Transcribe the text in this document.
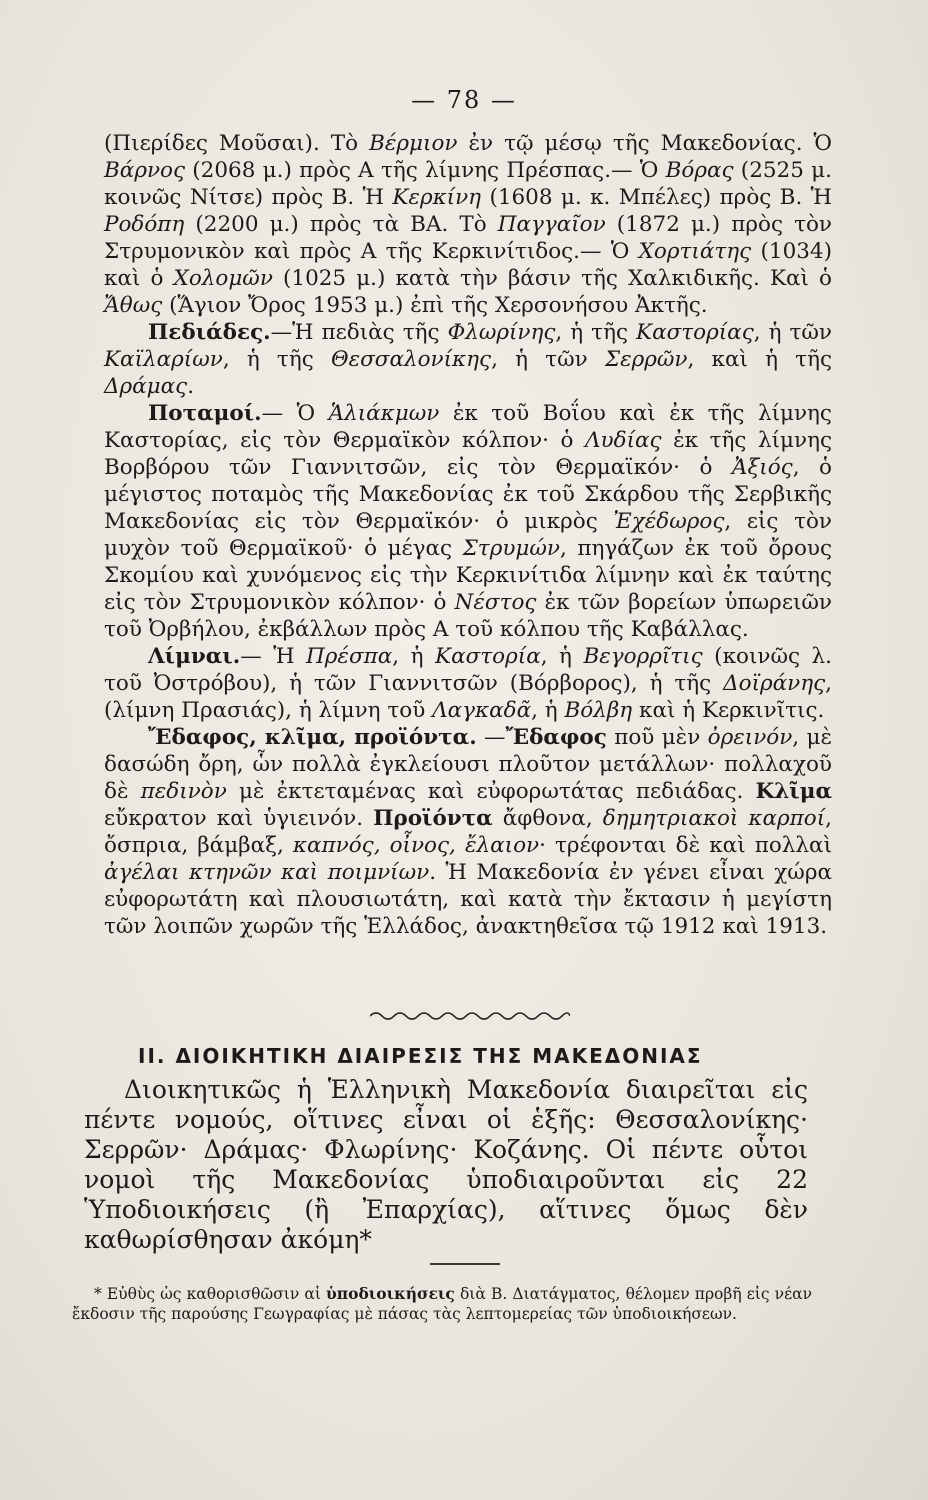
— 78 —

(Πιερίδες Μοῦσαι). Τὸ Βέρμιον ἐν τῷ μέσῳ τῆς Μακεδονίας. Ὁ Βάρνος (2068 μ.) πρὸς Α τῆς λίμνης Πρέσπας.— Ὁ Βόρας (2525 μ. κοινῶς Νίτσε) πρὸς Β. Ἡ Κερκίνη (1608 μ. κ. Μπέλες) πρὸς Β. Ἡ Ροδόπη (2200 μ.) πρὸς τὰ ΒΑ. Τὸ Παγγαῖον (1872 μ.) πρὸς τὸν Στρυμονικὸν καὶ πρὸς Α τῆς Κερκινίτιδος.— Ὁ Χορτιάτης (1034) καὶ ὁ Χολομῶν (1025 μ.) κατὰ τὴν βάσιν τῆς Χαλκιδικῆς. Καὶ ὁ Ἄθως (Ἅγιον Ὄρος 1953 μ.) ἐπὶ τῆς Χερσονήσου Ἀκτῆς.

Πεδιάδες.—Ἡ πεδιὰς τῆς Φλωρίνης, ἡ τῆς Καστορίας, ἡ τῶν Καϊλαρίων, ἡ τῆς Θεσσαλονίκης, ἡ τῶν Σερρῶν, καὶ ἡ τῆς Δράμας.

Ποταμοί.— Ὁ Ἁλιάκμων ἐκ τοῦ Βοΐου καὶ ἐκ τῆς λίμνης Καστορίας, εἰς τὸν Θερμαϊκὸν κόλπον· ὁ Λυδίας ἐκ τῆς λίμνης Βορβόρου τῶν Γιαννιτσῶν, εἰς τὸν Θερμαϊκόν· ὁ Ἀξιός, ὁ μέγιστος ποταμὸς τῆς Μακεδονίας ἐκ τοῦ Σκάρδου τῆς Σερβικῆς Μακεδονίας εἰς τὸν Θερμαϊκόν· ὁ μικρὸς Ἐχέδωρος, εἰς τὸν μυχὸν τοῦ Θερμαϊκοῦ· ὁ μέγας Στρυμών, πηγάζων ἐκ τοῦ ὄρους Σκομίου καὶ χυνόμενος εἰς τὴν Κερκινίτιδα λίμνην καὶ ἐκ ταύτης εἰς τὸν Στρυμονικὸν κόλπον· ὁ Νέστος ἐκ τῶν βορείων ὑπωρειῶν τοῦ Ὀρβήλου, ἐκβάλλων πρὸς Α τοῦ κόλπου τῆς Καβάλλας.

Λίμναι.— Ἡ Πρέσπα, ἡ Καστορία, ἡ Βεγορρῖτις (κοινῶς λ. τοῦ Ὀστρόβου), ἡ τῶν Γιαννιτσῶν (Βόρβορος), ἡ τῆς Δοϊράνης, (λίμνη Πρασιάς), ἡ λίμνη τοῦ Λαγκαδᾶ, ἡ Βόλβη καὶ ἡ Κερκινῖτις.

Ἔδαφος, κλῖμα, προϊόντα. —Ἔδαφος ποῦ μὲν ὀρεινόν, μὲ δασώδη ὄρη, ὧν πολλὰ ἐγκλείουσι πλοῦτον μετάλλων· πολλαχοῦ δὲ πεδινὸν μὲ ἐκτεταμένας καὶ εὐφορωτάτας πεδιάδας. Κλῖμα εὔκρατον καὶ ὑγιεινόν. Προϊόντα ἄφθονα, δημητριακοὶ καρποί, ὄσπρια, βάμβαξ, καπνός, οἶνος, ἔλαιον· τρέφονται δὲ καὶ πολλαὶ ἀγέλαι κτηνῶν καὶ ποιμνίων. Ἡ Μακεδονία ἐν γένει εἶναι χώρα εὐφορωτάτη καὶ πλουσιωτάτη, καὶ κατὰ τὴν ἔκτασιν ἡ μεγίστη τῶν λοιπῶν χωρῶν τῆς Ἑλλάδος, ἀνακτηθεῖσα τῷ 1912 καὶ 1913.

ΙΙ. ΔΙΟΙΚΗΤΙΚΗ ΔΙΑΙΡΕΣΙΣ ΤΗΣ ΜΑΚΕΔΟΝΙΑΣ

Διοικητικῶς ἡ Ἑλληνικὴ Μακεδονία διαιρεῖται εἰς πέντε νομούς, οἵτινες εἶναι οἱ ἑξῆς: Θεσσαλονίκης· Σερρῶν· Δράμας· Φλωρίνης· Κοζάνης. Οἱ πέντε οὗτοι νομοὶ τῆς Μακεδονίας ὑποδιαιροῦνται εἰς 22 Ὑποδιοικήσεις (ἢ Ἐπαρχίας), αἵτινες ὅμως δὲν καθωρίσθησαν ἀκόμη*

* Εὐθὺς ὡς καθορισθῶσιν αἱ ὑποδιοικήσεις διὰ Β. Διατάγματος, θέλομεν προβῆ εἰς νέαν ἔκδοσιν τῆς παρούσης Γεωγραφίας μὲ πάσας τὰς λεπτομερείας τῶν ὑποδιοικήσεων.
